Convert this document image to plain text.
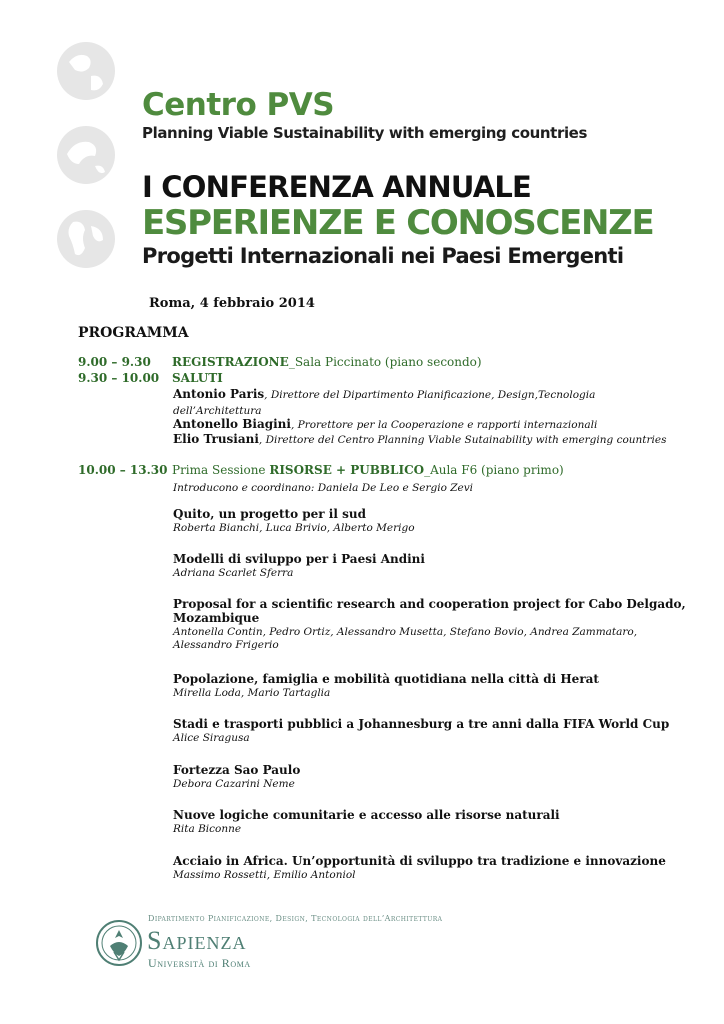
Centro PVS
Planning Viable Sustainability with emerging countries
I CONFERENZA ANNUALE
ESPERIENZE E CONOSCENZE
Progetti Internazionali nei Paesi Emergenti
Roma, 4 febbraio 2014
PROGRAMMA
9.00 – 9.30 REGISTRAZIONE_Sala Piccinato (piano secondo)
9.30 – 10.00 SALUTI
Antonio Paris, Direttore del Dipartimento Pianificazione, Design,Tecnologia
dell’Architettura
Antonello Biagini, Prorettore per la Cooperazione e rapporti internazionali
Elio Trusiani, Direttore del Centro Planning Viable Sutainability with emerging countries
10.00 – 13.30 Prima Sessione RISORSE + PUBBLICO_Aula F6 (piano primo)
Introducono e coordinano: Daniela De Leo e Sergio Zevi
Quito, un progetto per il sud
Roberta Bianchi, Luca Brivio, Alberto Merigo
Modelli di sviluppo per i Paesi Andini
Adriana Scarlet Sferra
Proposal for a scientific research and cooperation project for Cabo Delgado,
Mozambique
Antonella Contin, Pedro Ortiz, Alessandro Musetta, Stefano Bovio, Andrea Zammataro,
Alessandro Frigerio
Popolazione, famiglia e mobilità quotidiana nella città di Herat
Mirella Loda, Mario Tartaglia
Stadi e trasporti pubblici a Johannesburg a tre anni dalla FIFA World Cup
Alice Siragusa
Fortezza Sao Paulo
Debora Cazarini Neme
Nuove logiche comunitarie e accesso alle risorse naturali
Rita Biconne
Acciaio in Africa. Un’opportunità di sviluppo tra tradizione e innovazione
Massimo Rossetti, Emilio Antoniol
Dipartimento Pianificazione, Design, Tecnologia dell’Architettura
Sapienza
Università di Roma
